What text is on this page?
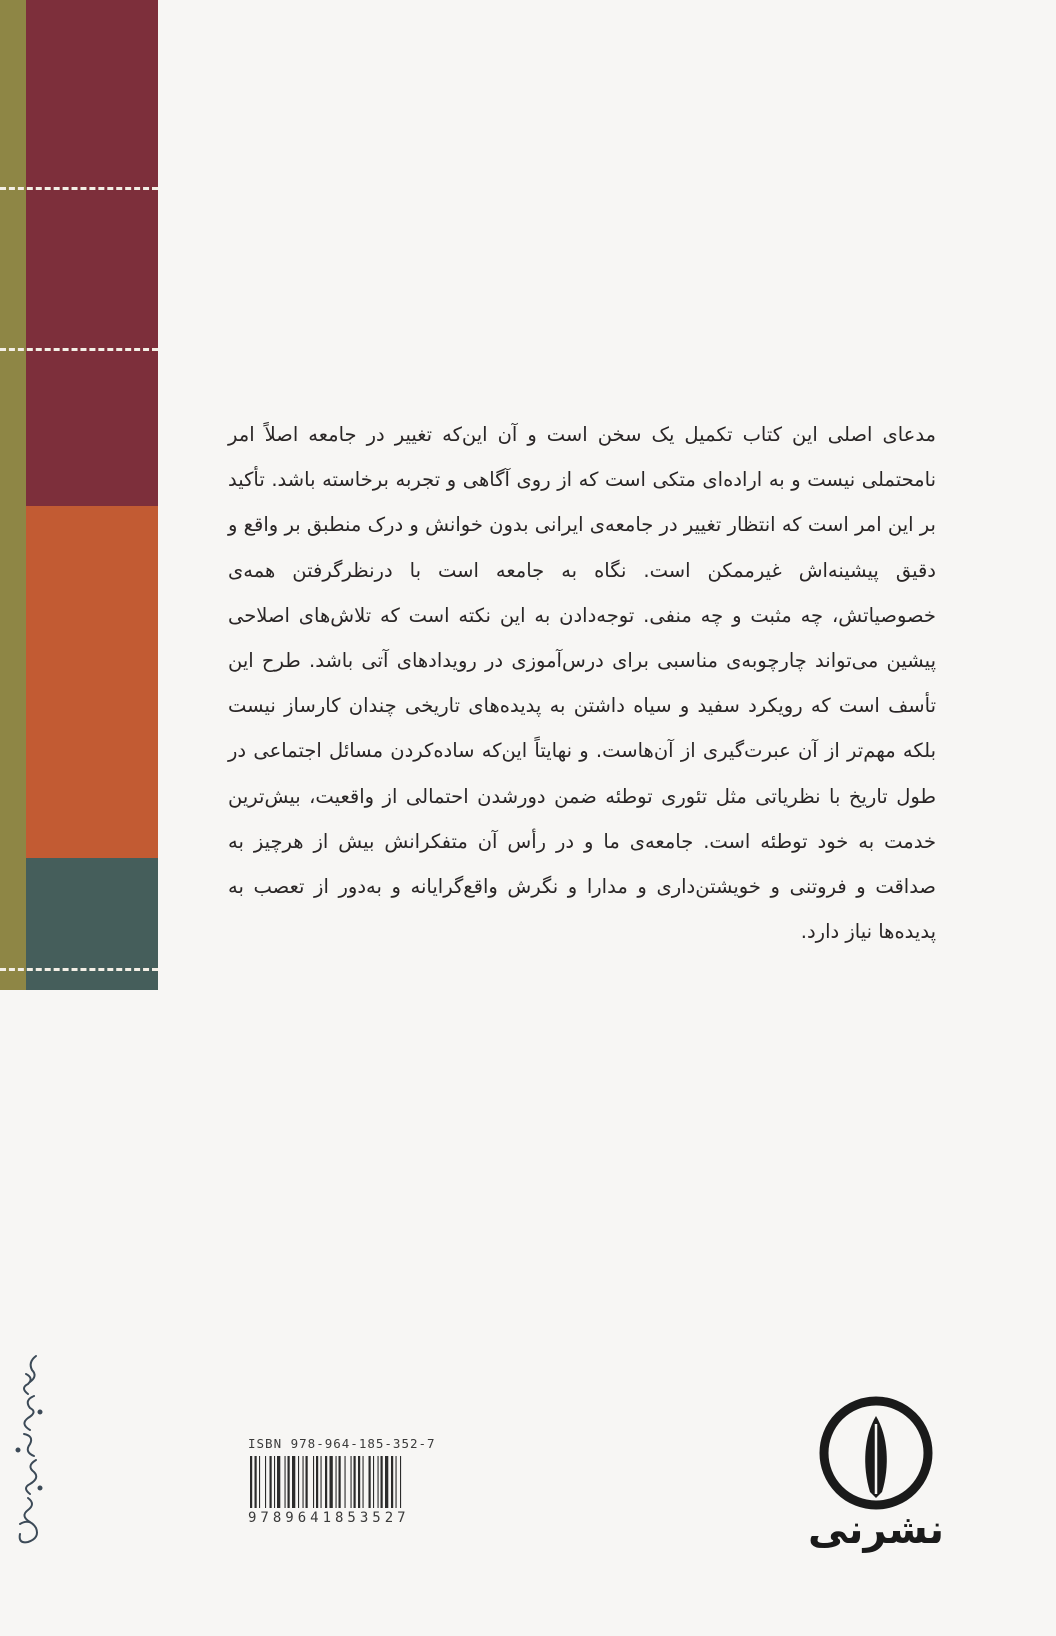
مدعای اصلی این کتاب تکمیل یک سخن است و آن این‌که تغییر در جامعه اصلاً امر نامحتملی نیست و به اراده‌ای متکی است که از روی آگاهی و تجربه برخاسته باشد. تأکید بر این امر است که انتظار تغییر در جامعه‌ی ایرانی بدون خوانش و درک منطبق بر واقع و دقیق پیشینه‌اش غیرممکن است. نگاه به جامعه است با درنظرگرفتن همه‌ی خصوصیاتش، چه مثبت و چه منفی. توجه‌دادن به این نکته است که تلاش‌های اصلاحی پیشین می‌تواند چارچوبه‌ی مناسبی برای درس‌آموزی در رویدادهای آتی باشد. طرح این تأسف است که رویکرد سفید و سیاه داشتن به پدیده‌های تاریخی چندان کارساز نیست بلکه مهم‌تر از آن عبرت‌گیری از آن‌هاست. و نهایتاً این‌که ساده‌کردن مسائل اجتماعی در طول تاریخ با نظریاتی مثل تئوری توطئه ضمن دورشدن احتمالی از واقعیت، بیش‌ترین خدمت به خود توطئه است. جامعه‌ی ما و در رأس آن متفکرانش بیش از هرچیز به صداقت و فروتنی و خویشتن‌داری و مدارا و نگرش واقع‌گرایانه و به‌دور از تعصب به پدیده‌ها نیاز دارد.

ISBN 978-964-185-352-7
9789641853527	نشرنی
